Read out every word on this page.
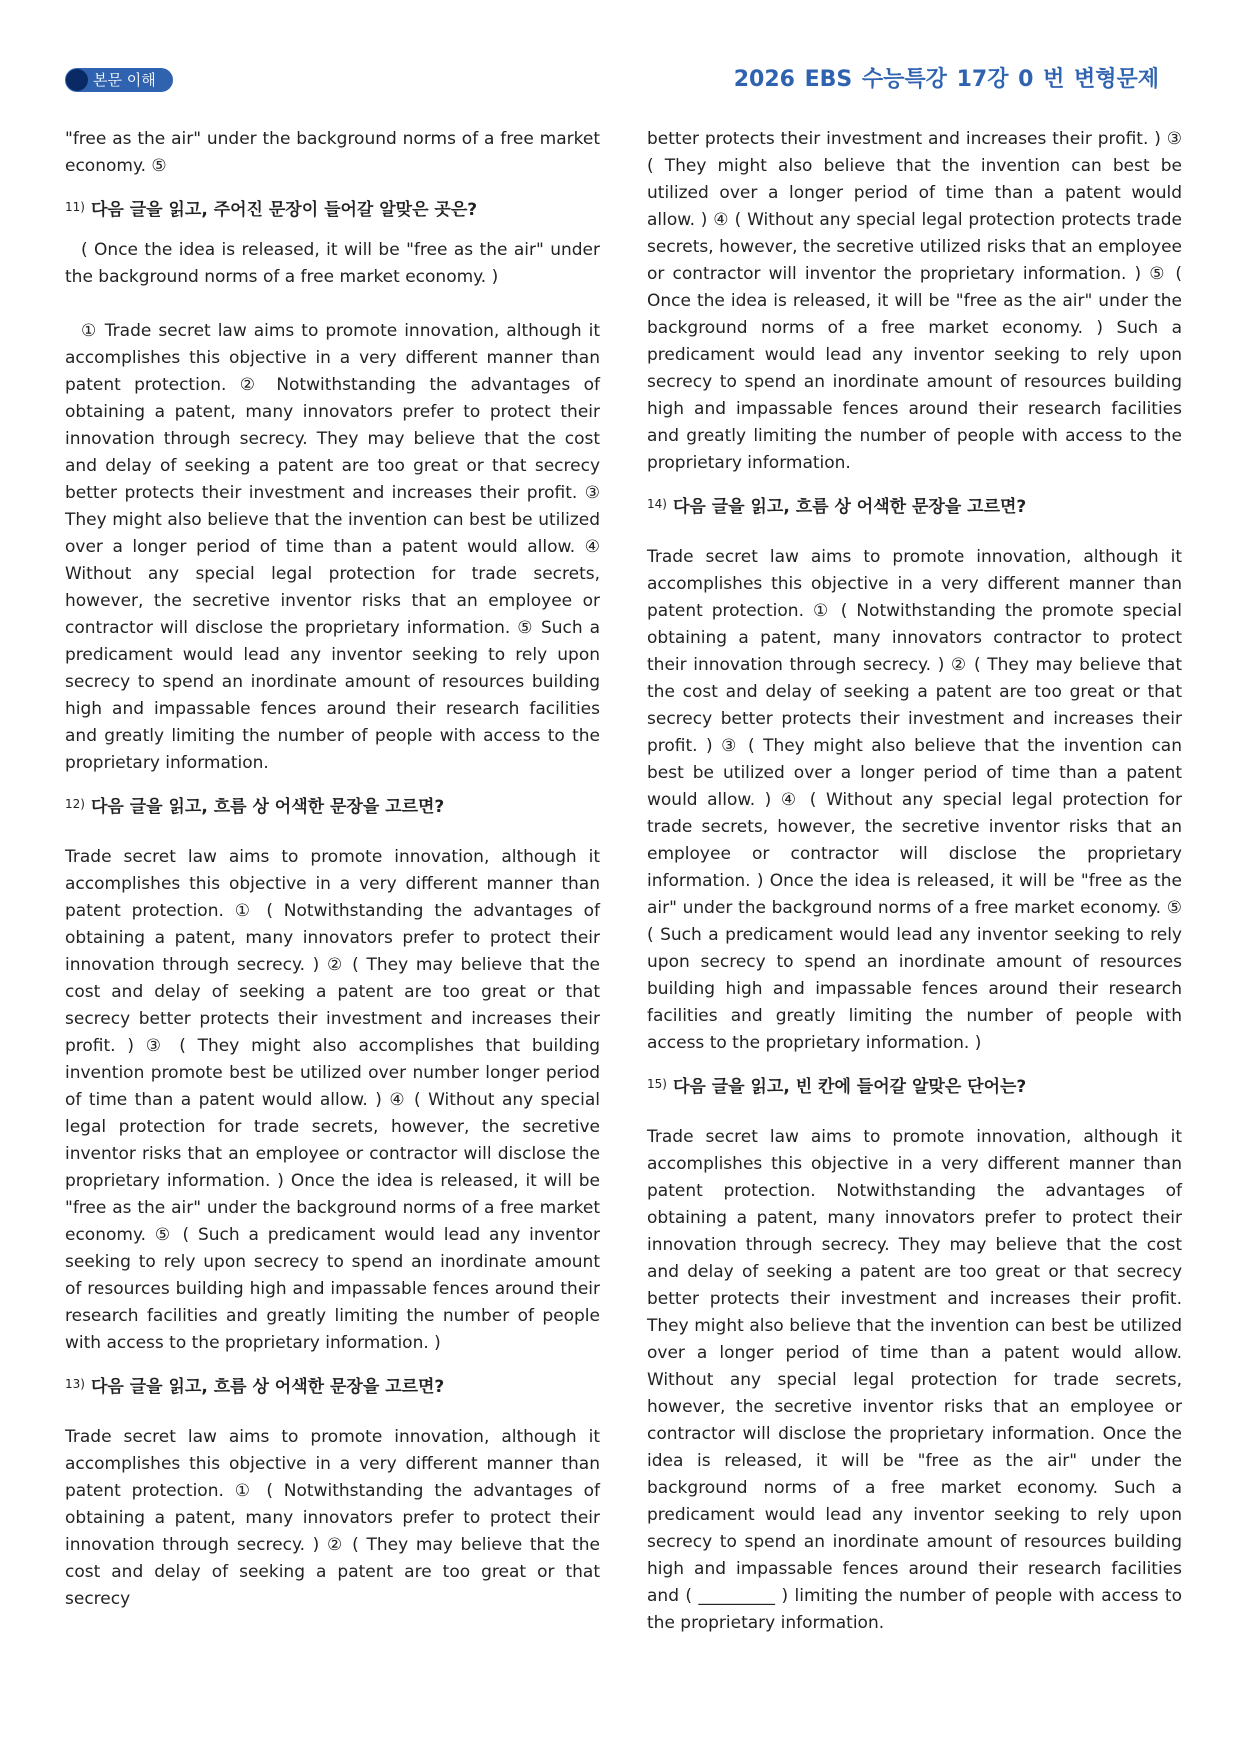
본문 이해	2026 EBS 수능특강 17강 0 번 변형문제

"free as the air" under the background norms of a free market economy. ⑤

$^{11)}$ 다음 글을 읽고, 주어진 문장이 들어갈 알맞은 곳은?

( Once the idea is released, it will be "free as the air" under the background norms of a free market economy. )

① Trade secret law aims to promote innovation, although it accomplishes this objective in a very different manner than patent protection. ② Notwithstanding the advantages of obtaining a patent, many innovators prefer to protect their innovation through secrecy. They may believe that the cost and delay of seeking a patent are too great or that secrecy better protects their investment and increases their profit. ③ They might also believe that the invention can best be utilized over a longer period of time than a patent would allow. ④ Without any special legal protection for trade secrets, however, the secretive inventor risks that an employee or contractor will disclose the proprietary information. ⑤ Such a predicament would lead any inventor seeking to rely upon secrecy to spend an inordinate amount of resources building high and impassable fences around their research facilities and greatly limiting the number of people with access to the proprietary information.

$^{12)}$ 다음 글을 읽고, 흐름 상 어색한 문장을 고르면?

Trade secret law aims to promote innovation, although it accomplishes this objective in a very different manner than patent protection. ① ( Notwithstanding the advantages of obtaining a patent, many innovators prefer to protect their innovation through secrecy. ) ② ( They may believe that the cost and delay of seeking a patent are too great or that secrecy better protects their investment and increases their profit. ) ③ ( They might also accomplishes that building invention promote best be utilized over number longer period of time than a patent would allow. ) ④ ( Without any special legal protection for trade secrets, however, the secretive inventor risks that an employee or contractor will disclose the proprietary information. ) Once the idea is released, it will be "free as the air" under the background norms of a free market economy. ⑤ ( Such a predicament would lead any inventor seeking to rely upon secrecy to spend an inordinate amount of resources building high and impassable fences around their research facilities and greatly limiting the number of people with access to the proprietary information. )

$^{13)}$ 다음 글을 읽고, 흐름 상 어색한 문장을 고르면?

Trade secret law aims to promote innovation, although it accomplishes this objective in a very different manner than patent protection. ① ( Notwithstanding the advantages of obtaining a patent, many innovators prefer to protect their innovation through secrecy. ) ② ( They may believe that the cost and delay of seeking a patent are too great or that secrecy

better protects their investment and increases their profit. ) ③ ( They might also believe that the invention can best be utilized over a longer period of time than a patent would allow. ) ④ ( Without any special legal protection protects trade secrets, however, the secretive utilized risks that an employee or contractor will inventor the proprietary information. ) ⑤ ( Once the idea is released, it will be "free as the air" under the background norms of a free market economy. ) Such a predicament would lead any inventor seeking to rely upon secrecy to spend an inordinate amount of resources building high and impassable fences around their research facilities and greatly limiting the number of people with access to the proprietary information.

$^{14)}$ 다음 글을 읽고, 흐름 상 어색한 문장을 고르면?

Trade secret law aims to promote innovation, although it accomplishes this objective in a very different manner than patent protection. ① ( Notwithstanding the promote special obtaining a patent, many innovators contractor to protect their innovation through secrecy. ) ② ( They may believe that the cost and delay of seeking a patent are too great or that secrecy better protects their investment and increases their profit. ) ③ ( They might also believe that the invention can best be utilized over a longer period of time than a patent would allow. ) ④ ( Without any special legal protection for trade secrets, however, the secretive inventor risks that an employee or contractor will disclose the proprietary information. ) Once the idea is released, it will be "free as the air" under the background norms of a free market economy. ⑤ ( Such a predicament would lead any inventor seeking to rely upon secrecy to spend an inordinate amount of resources building high and impassable fences around their research facilities and greatly limiting the number of people with access to the proprietary information. )

$^{15)}$ 다음 글을 읽고, 빈 칸에 들어갈 알맞은 단어는?

Trade secret law aims to promote innovation, although it accomplishes this objective in a very different manner than patent protection. Notwithstanding the advantages of obtaining a patent, many innovators prefer to protect their innovation through secrecy. They may believe that the cost and delay of seeking a patent are too great or that secrecy better protects their investment and increases their profit. They might also believe that the invention can best be utilized over a longer period of time than a patent would allow. Without any special legal protection for trade secrets, however, the secretive inventor risks that an employee or contractor will disclose the proprietary information. Once the idea is released, it will be "free as the air" under the background norms of a free market economy. Such a predicament would lead any inventor seeking to rely upon secrecy to spend an inordinate amount of resources building high and impassable fences around their research facilities and ( _________ ) limiting the number of people with access to the proprietary information.
